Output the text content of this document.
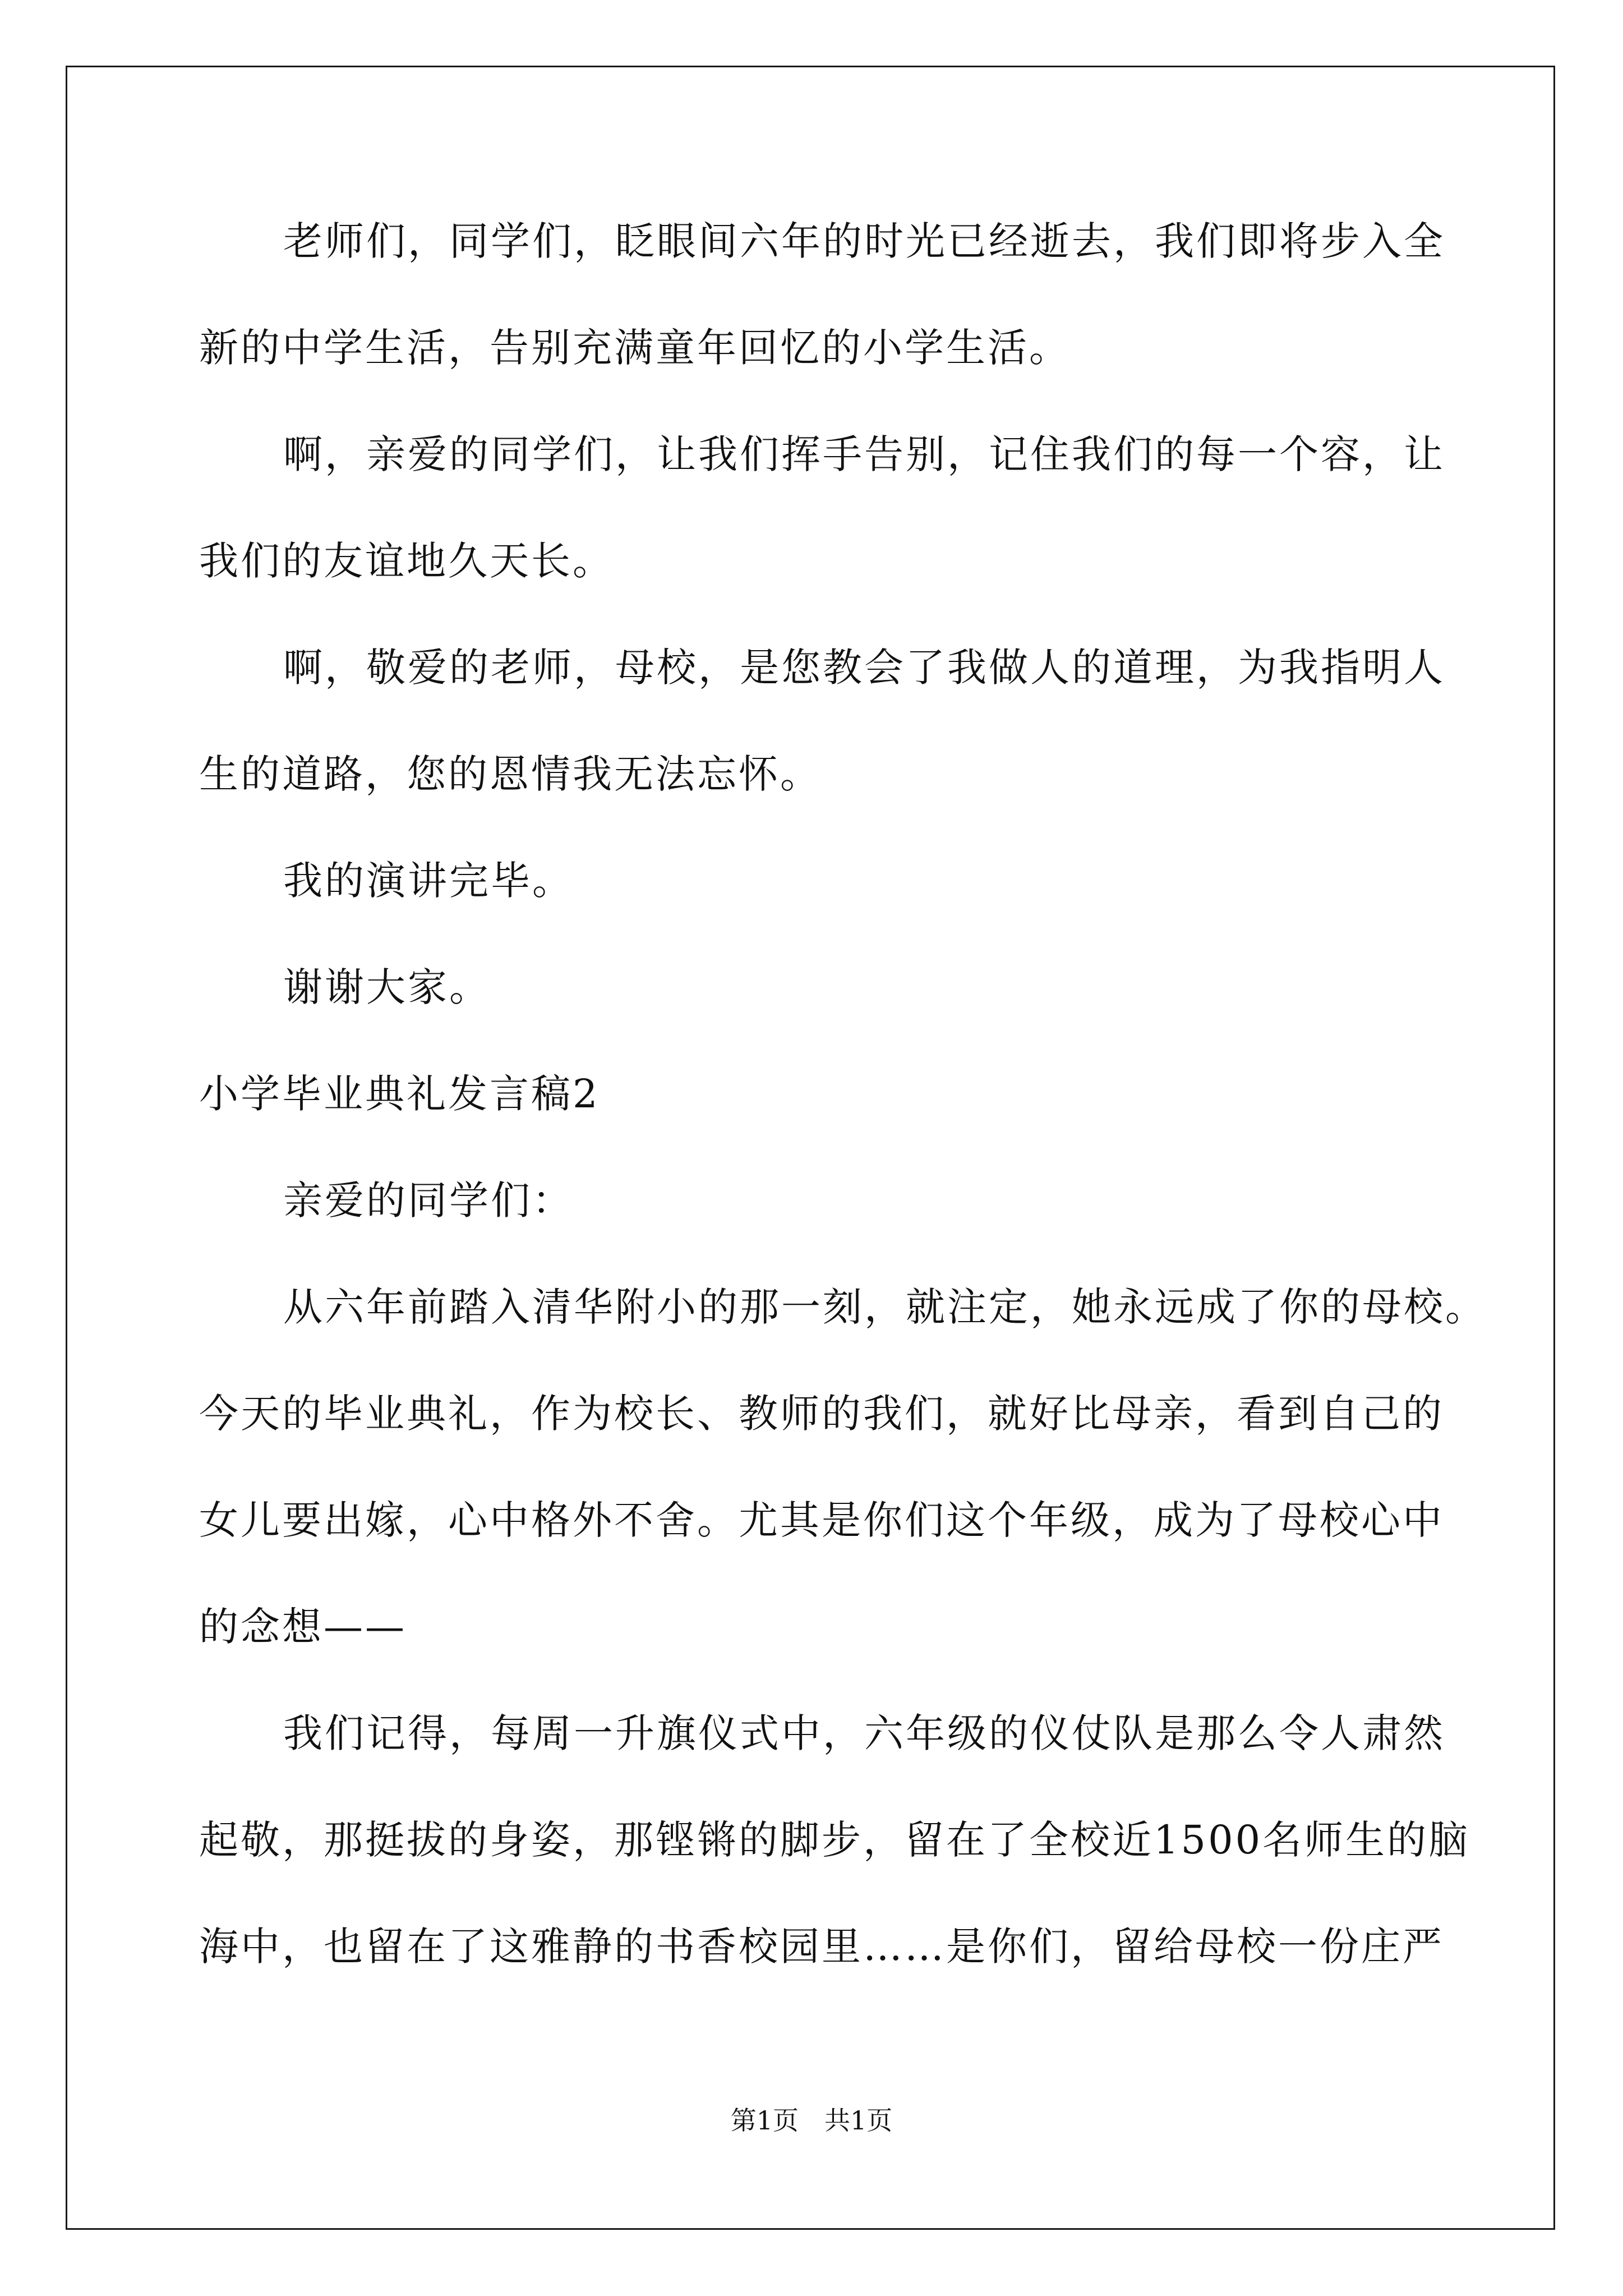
老师们，同学们，眨眼间六年的时光已经逝去，我们即将步入全
新的中学生活，告别充满童年回忆的小学生活。
啊，亲爱的同学们，让我们挥手告别，记住我们的每一个容，让
我们的友谊地久天长。
啊，敬爱的老师，母校，是您教会了我做人的道理，为我指明人
生的道路，您的恩情我无法忘怀。
我的演讲完毕。
谢谢大家。
小学毕业典礼发言稿2
亲爱的同学们：
从六年前踏入清华附小的那一刻，就注定，她永远成了你的母校。
今天的毕业典礼，作为校长、教师的我们，就好比母亲，看到自己的
女儿要出嫁，心中格外不舍。尤其是你们这个年级，成为了母校心中
的念想——
我们记得，每周一升旗仪式中，六年级的仪仗队是那么令人肃然
起敬，那挺拔的身姿，那铿锵的脚步，留在了全校近1500名师生的脑
海中，也留在了这雅静的书香校园里……是你们，留给母校一份庄严
第1页　共1页
